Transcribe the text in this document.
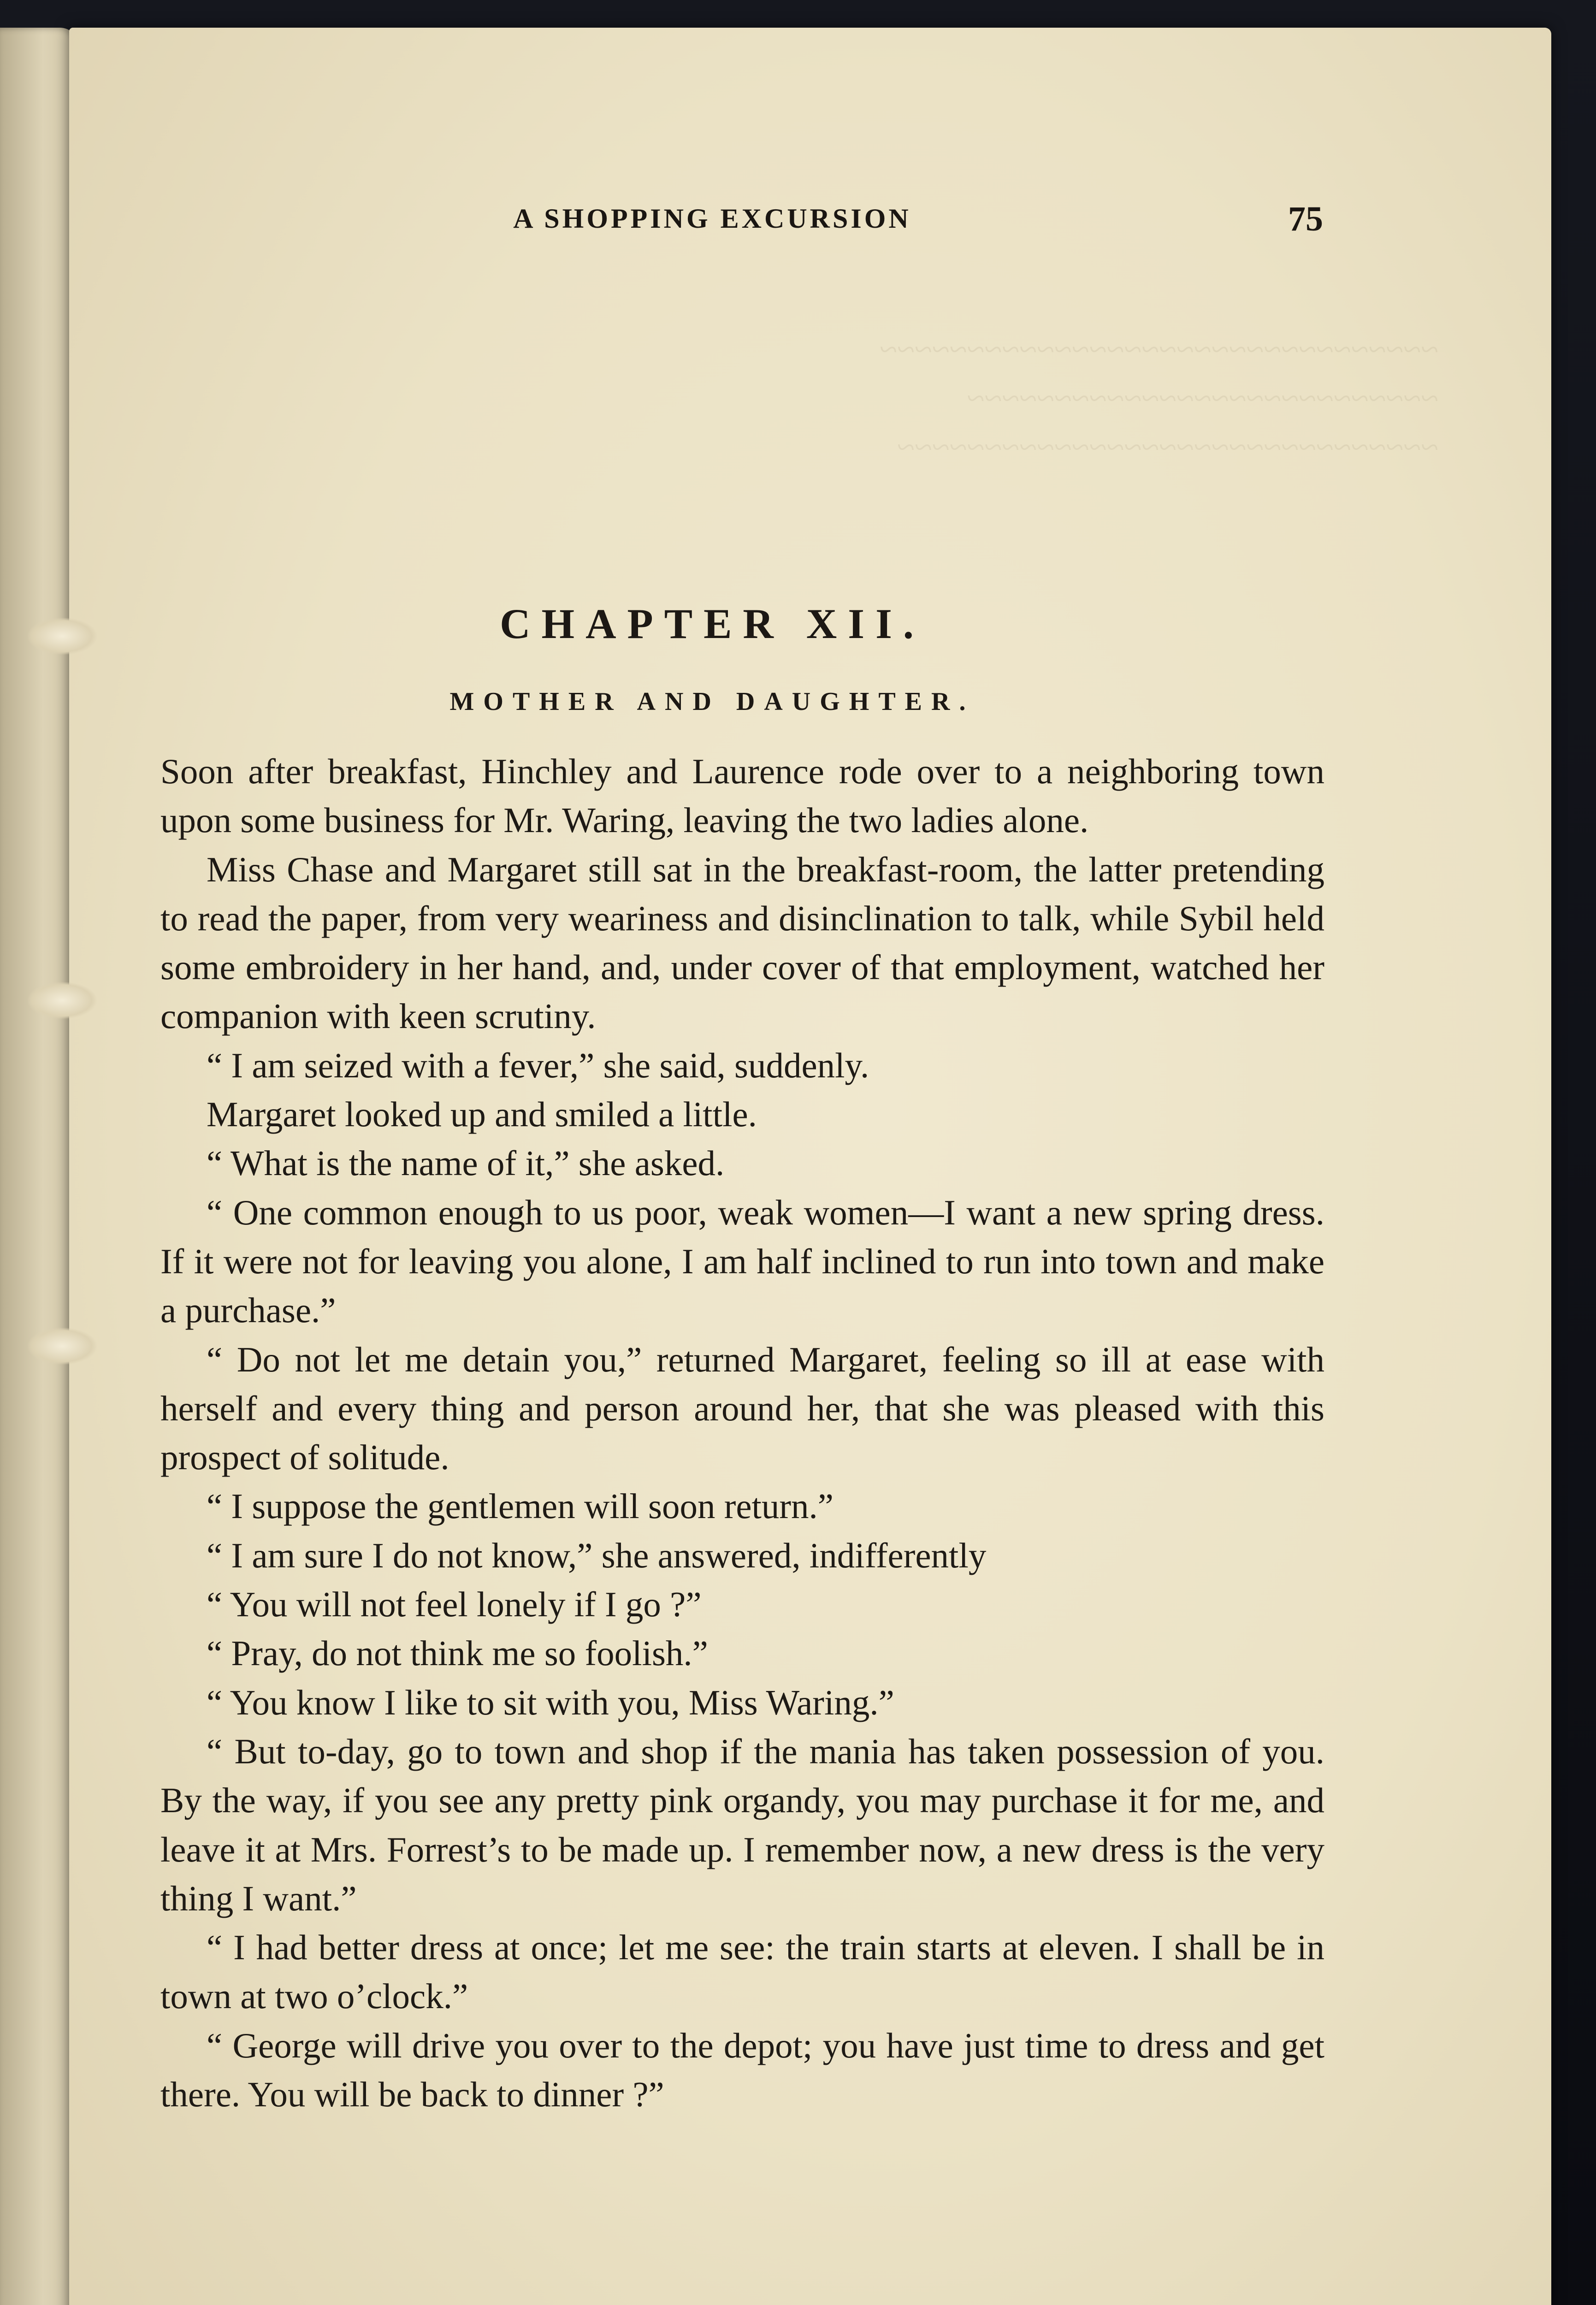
~~~~~~~~~~~~~~~~~~~~~~~~~~~~~~~~
~~~~~~~~~~~~~~~~~~~~~~~~~~~
~~~~~~~~~~~~~~~~~~~~~~~~~~~~~~~

A SHOPPING EXCURSION	75
CHAPTER XII.
MOTHER AND DAUGHTER.

Soon after breakfast, Hinchley and Laurence rode over to a neighboring town upon some business for Mr. Waring, leaving the two ladies alone.

Miss Chase and Margaret still sat in the breakfast-room, the latter pretending to read the paper, from very weariness and disinclination to talk, while Sybil held some embroidery in her hand, and, under cover of that employment, watched her companion with keen scrutiny.

“ I am seized with a fever,” she said, suddenly.

Margaret looked up and smiled a little.

“ What is the name of it,” she asked.

“ One common enough to us poor, weak women—I want a new spring dress. If it were not for leaving you alone, I am half inclined to run into town and make a purchase.”

“ Do not let me detain you,” returned Margaret, feeling so ill at ease with herself and every thing and person around her, that she was pleased with this prospect of solitude.

“ I suppose the gentlemen will soon return.”

“ I am sure I do not know,” she answered, indifferently

“ You will not feel lonely if I go ?”

“ Pray, do not think me so foolish.”

“ You know I like to sit with you, Miss Waring.”

“ But to-day, go to town and shop if the mania has taken possession of you. By the way, if you see any pretty pink organdy, you may purchase it for me, and leave it at Mrs. Forrest’s to be made up. I remember now, a new dress is the very thing I want.”

“ I had better dress at once; let me see: the train starts at eleven. I shall be in town at two o’clock.”

“ George will drive you over to the depot; you have just time to dress and get there. You will be back to dinner ?”
